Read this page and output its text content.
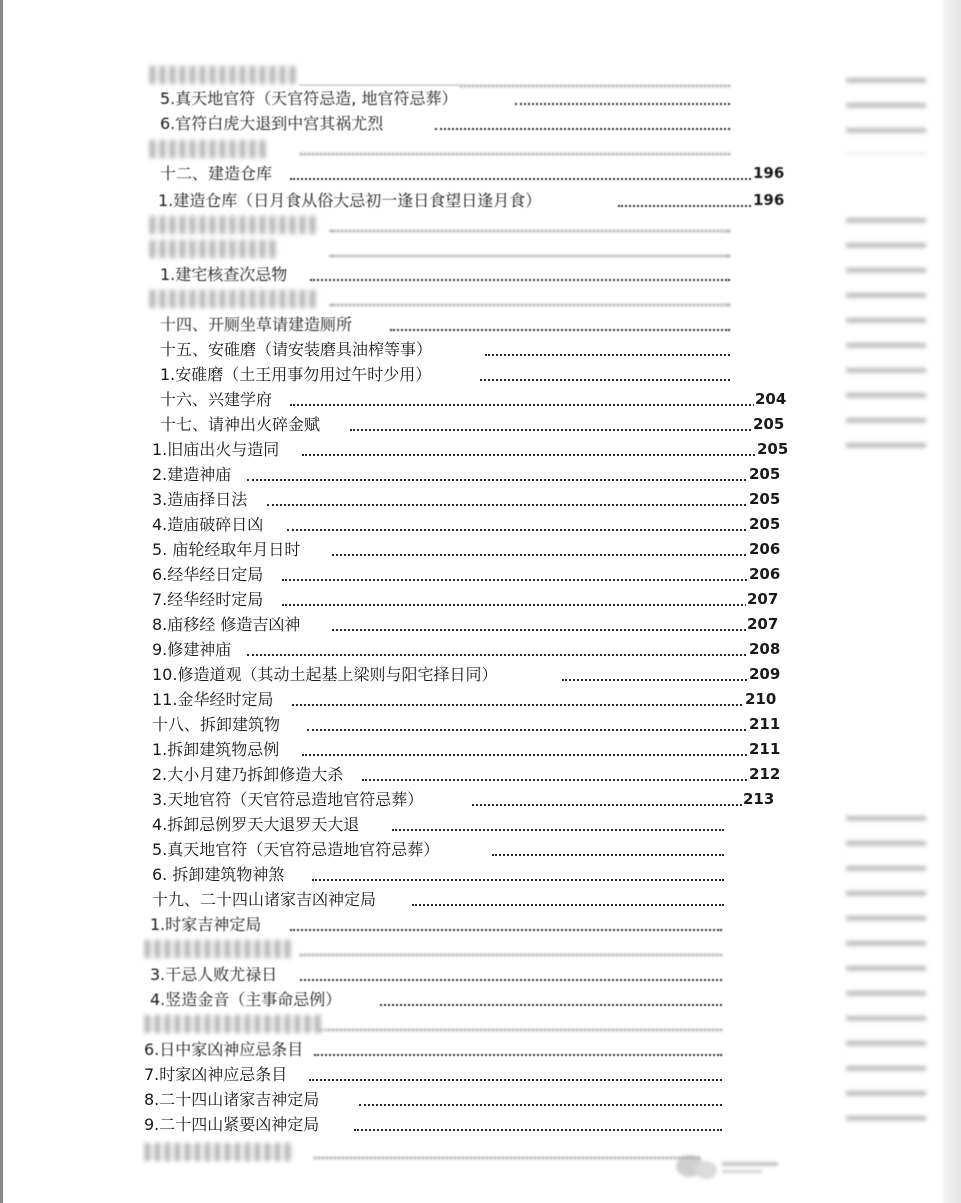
5.真天地官符（天官符忌造, 地官符忌葬）
6.官符白虎大退到中宫其祸尤烈
十二、建造仓库	196
1.建造仓库（日月食从俗大忌初一逢日食望日逢月食）	196
1.建宅核查次忌物
十四、开厕坐草请建造厕所
十五、安碓磨（请安装磨具油榨等事）
1.安碓磨（土王用事勿用过午时少用）
十六、兴建学府	204
十七、请神出火碎金赋	205
1.旧庙出火与造同	205
2.建造神庙	205
3.造庙择日法	205
4.造庙破碎日凶	205
5. 庙轮经取年月日时	206
6.经华经日定局	206
7.经华经时定局	207
8.庙移经 修造吉凶神	207
9.修建神庙	208
10.修造道观（其动土起基上梁则与阳宅择日同）	209
11.金华经时定局	210
十八、拆卸建筑物	211
1.拆卸建筑物忌例	211
2.大小月建乃拆卸修造大杀	212
3.天地官符（天官符忌造地官符忌葬）	213
4.拆卸忌例罗天大退罗天大退
5.真天地官符（天官符忌造地官符忌葬）
6. 拆卸建筑物神煞
十九、二十四山诸家吉凶神定局
1.时家吉神定局
3.干忌人败尤禄日
4.竖造金音（主事命忌例）
6.日中家凶神应忌条目
7.时家凶神应忌条目
8.二十四山诸家吉神定局
9.二十四山紧要凶神定局
